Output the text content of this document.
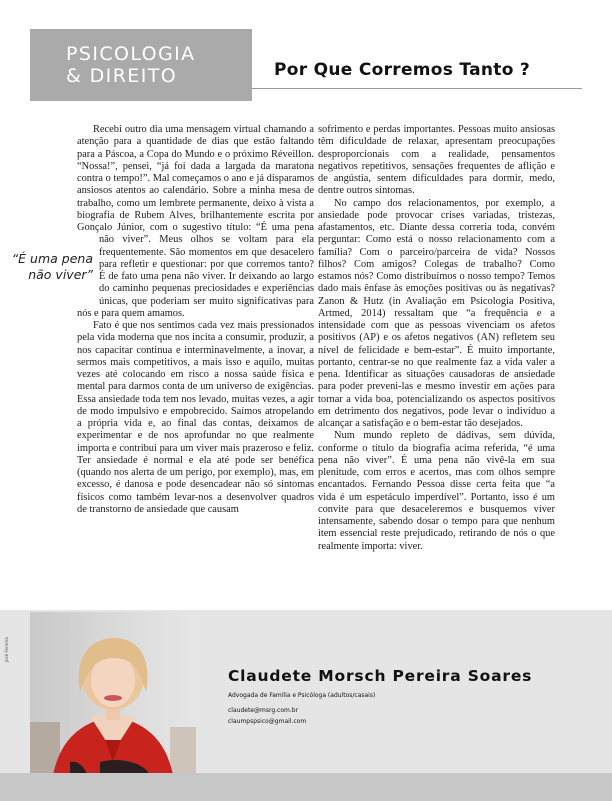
PSICOLOGIA
& DIREITO	Por Que Corremos Tanto ?

Recebi outro dia uma mensagem virtual chamando a atenção para a quantidade de dias que estão faltando para a Páscoa, a Copa do Mundo e o próximo Réveillon. “Nossa!”, pensei, “já foi dada a largada da maratona contra o tempo!”. Mal começamos o ano e já disparamos ansiosos atentos ao calendário. Sobre a minha mesa de trabalho, como um lembrete permanente, deixo à vista a biografia de Rubem Alves, brilhantemente escrita por Gonçalo Júnior, com o sugestivo título: “É uma pena não viver”. Meus olhos se voltam
“É uma pena
não viver”
para ela frequentemente. São momentos em que desacelero para refletir e questionar: por que corremos tanto? É de fato uma pena não viver. Ir deixando ao largo do caminho pequenas preciosidades e experiências únicas, que poderiam ser muito significativas para nós e para quem amamos.

Fato é que nos sentimos cada vez mais pressionados pela vida moderna que nos incita a consumir, produzir, a nos capacitar continua e interminavelmente, a inovar, a sermos mais competitivos, a mais isso e aquilo, muitas vezes até colocando em risco a nossa saúde física e mental para darmos conta de um universo de exigências. Essa ansiedade toda tem nos levado, muitas vezes, a agir de modo impulsivo e empobrecido. Saímos atropelando a própria vida e, ao final das contas, deixamos de experimentar e de nos aprofundar no que realmente importa e contribui para um viver mais prazeroso e feliz. Ter ansiedade é normal e ela até pode ser benéfica (quando nos alerta de um perigo, por exemplo), mas, em excesso, é danosa e pode desencadear não só sintomas físicos como também levar-nos a desenvolver quadros de transtorno de ansiedade que causam

sofrimento e perdas importantes. Pessoas muito ansiosas têm dificuldade de relaxar, apresentam preocupações desproporcionais com a realidade, pensamentos negativos repetitivos, sensações frequentes de aflição e de angústia, sentem dificuldades para dormir, medo, dentre outros sintomas.

No campo dos relacionamentos, por exemplo, a ansiedade pode provocar crises variadas, tristezas, afastamentos, etc. Diante dessa correria toda, convém perguntar: Como está o nosso relacionamento com a família? Com o parceiro/parceira de vida? Nossos filhos? Com amigos? Colegas de trabalho? Como estamos nós? Como distribuímos o nosso tempo? Temos dado mais ênfase às emoções positivas ou às negativas? Zanon & Hutz (in Avaliação em Psicologia Positiva, Artmed, 2014) ressaltam que “a frequência e a intensidade com que as pessoas vivenciam os afetos positivos (AP) e os afetos negativos (AN) refletem seu nível de felicidade e bem-estar”. É muito importante, portanto, centrar-se no que realmente faz a vida valer a pena. Identificar as situações causadoras de ansiedade para poder preveni-las e mesmo investir em ações para tornar a vida boa, potencializando os aspectos positivos em detrimento dos negativos, pode levar o indivíduo a alcançar a satisfação e o bem-estar tão desejados.

Num mundo repleto de dádivas, sem dúvida, conforme o título da biografia acima referida, “é uma pena não viver”. É uma pena não vivê-la em sua plenitude, com erros e acertos, mas com olhos sempre encantados. Fernando Pessoa disse certa feita que “a vida é um espetáculo imperdível”. Portanto, isso é um convite para que desaceleremos e busquemos viver intensamente, sabendo dosar o tempo para que nenhum item essencial reste prejudicado, retirando de nós o que realmente importa: viver.

José Ferreira
Claudete Morsch Pereira Soares
Advogada de Família e Psicóloga (adultos/casais)
claudete@msrg.com.br
claumpspsico@gmail.com
